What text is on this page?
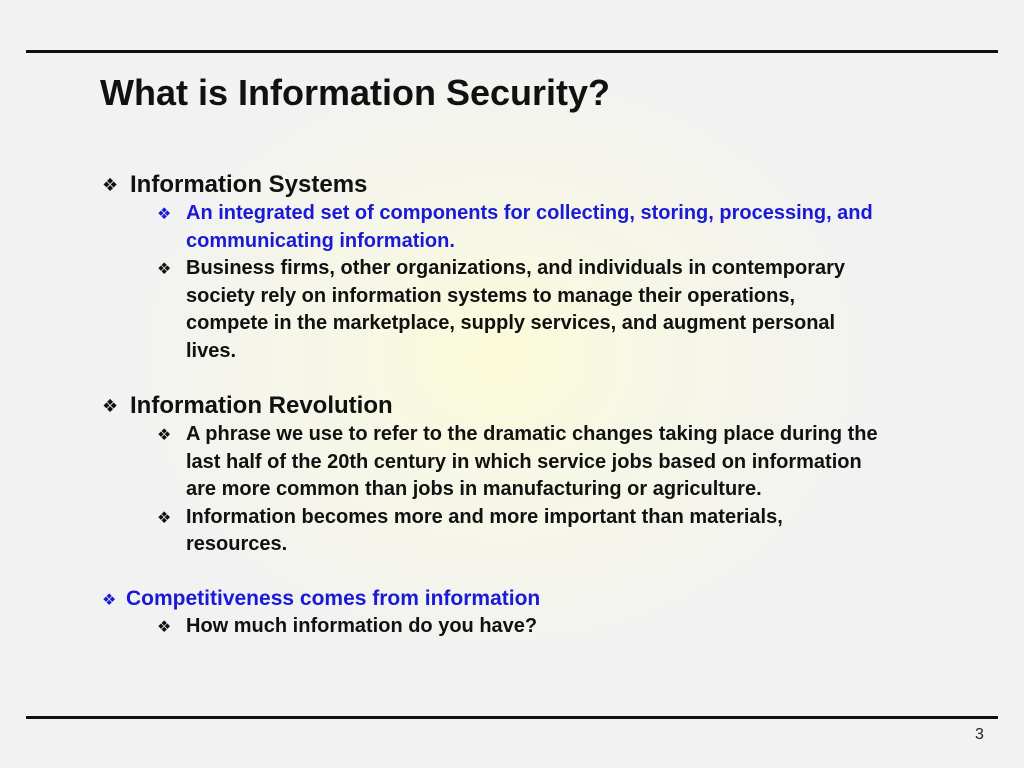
What is Information Security?
❖ Information Systems
❖ An integrated set of components for collecting, storing, processing, and communicating information.
❖ Business firms, other organizations, and individuals in contemporary society rely on information systems to manage their operations, compete in the marketplace, supply services, and augment personal lives.
❖ Information Revolution
❖ A phrase we use to refer to the dramatic changes taking place during the last half of the 20th century in which service jobs based on information are more common than jobs in manufacturing or agriculture.
❖ Information becomes more and more important than materials, resources.
❖ Competitiveness comes from information
❖ How much information do you have?
3
